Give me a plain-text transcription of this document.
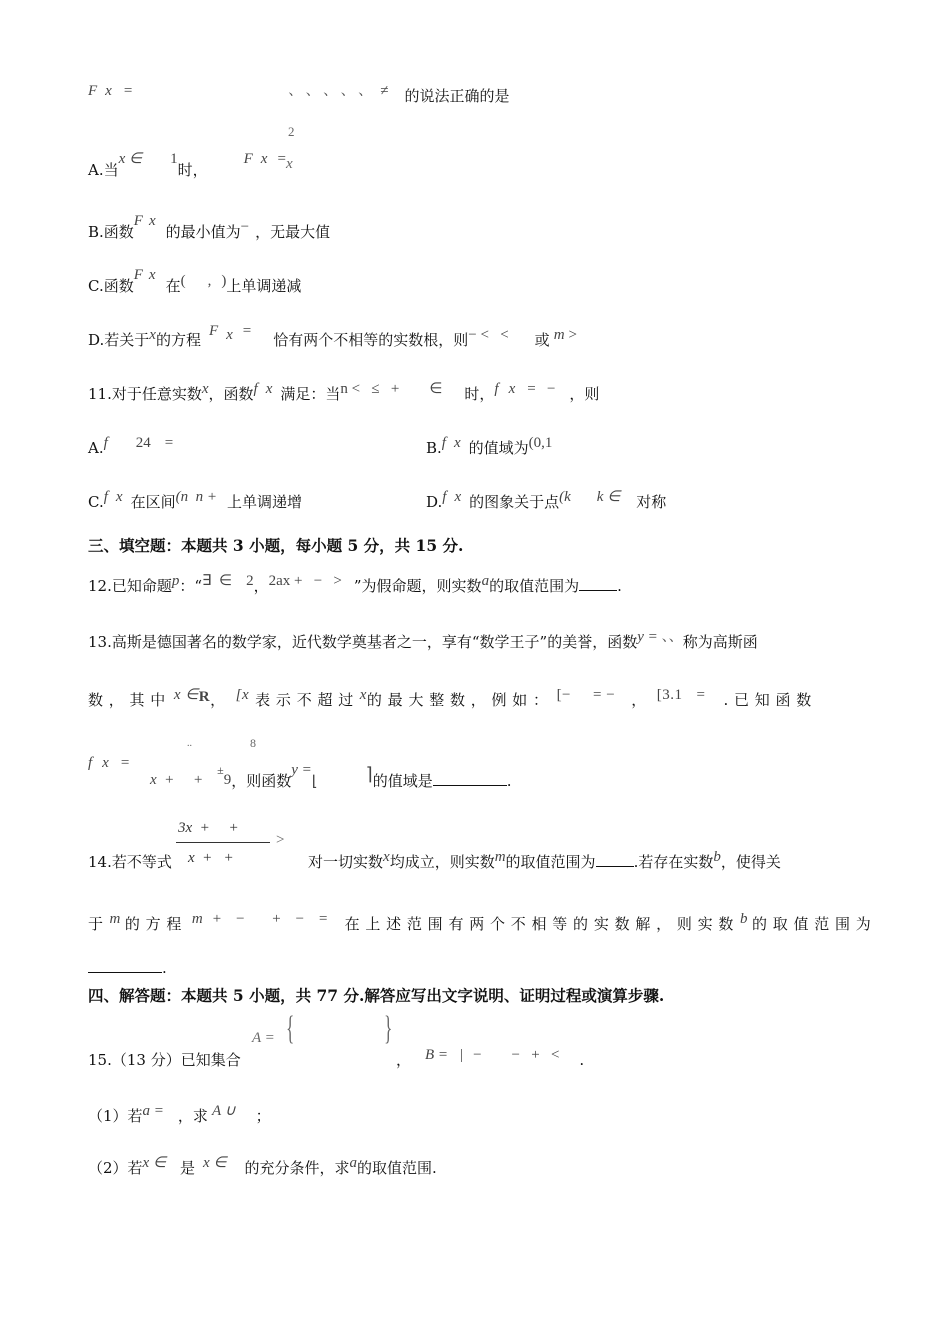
F x =	、 、 、 、 、 ≠ 的说法正确的是
A.当x ∈ 1时，F x =
2
x
B.函数F x的最小值为− ，无最大值
C.函数F x在( , )上单调递减
D.若关于x的方程 F x = 恰有两个不相等的实数根，则− <   < 或 m >
11.对于任意实数x，函数f x 满足：当n <   ≤   + ∈ 时，f x =   − ，则
A.f 24 =	B.f x 的值域为(0,1
C.f x 在区间(n  n + 上单调递增	D.f x 的图象关于点(k k ∈ 对称
三、填空题：本题共 3 小题，每小题 5 分，共 15 分.
12.已知命题p：“∃  ∈ 2，2ax +   −   > ”为假命题，则实数a的取值范围为	.
13.高斯是德国著名的数学家，近代数学奠基者之一，享有“数学王子”的美誉，函数y = 、、称为高斯函
数 ， 其 中 x ∈R， [x 表 示 不 超 过 x的 最 大 整 数 ， 例 如 ： [− = − ， [3.1 = . 已 知 函 数
..	8
f x =
x  +     +±9，则函数y =⌊	⌉的值域是	.
3x  +     +
>
x  +   +
14.若不等式	对一切实数x均成立，则实数m的取值范围为	.若存在实数b，使得关
于 m 的 方 程 m  +   −      +   −   = 在 上 述 范 围 有 两 个 不 相 等 的 实 数 解 ， 则 实 数 b 的 取 值 范 围 为
.
四、解答题：本题共 5 小题，共 77 分.解答应写出文字说明、证明过程或演算步骤.
A = {	}
15.（13 分）已知集合	， B = | −        −   +   < .
（1）若a = ，求 A ∪ ；
（2）若x ∈ 是 x ∈ 的充分条件，求a的取值范围.
